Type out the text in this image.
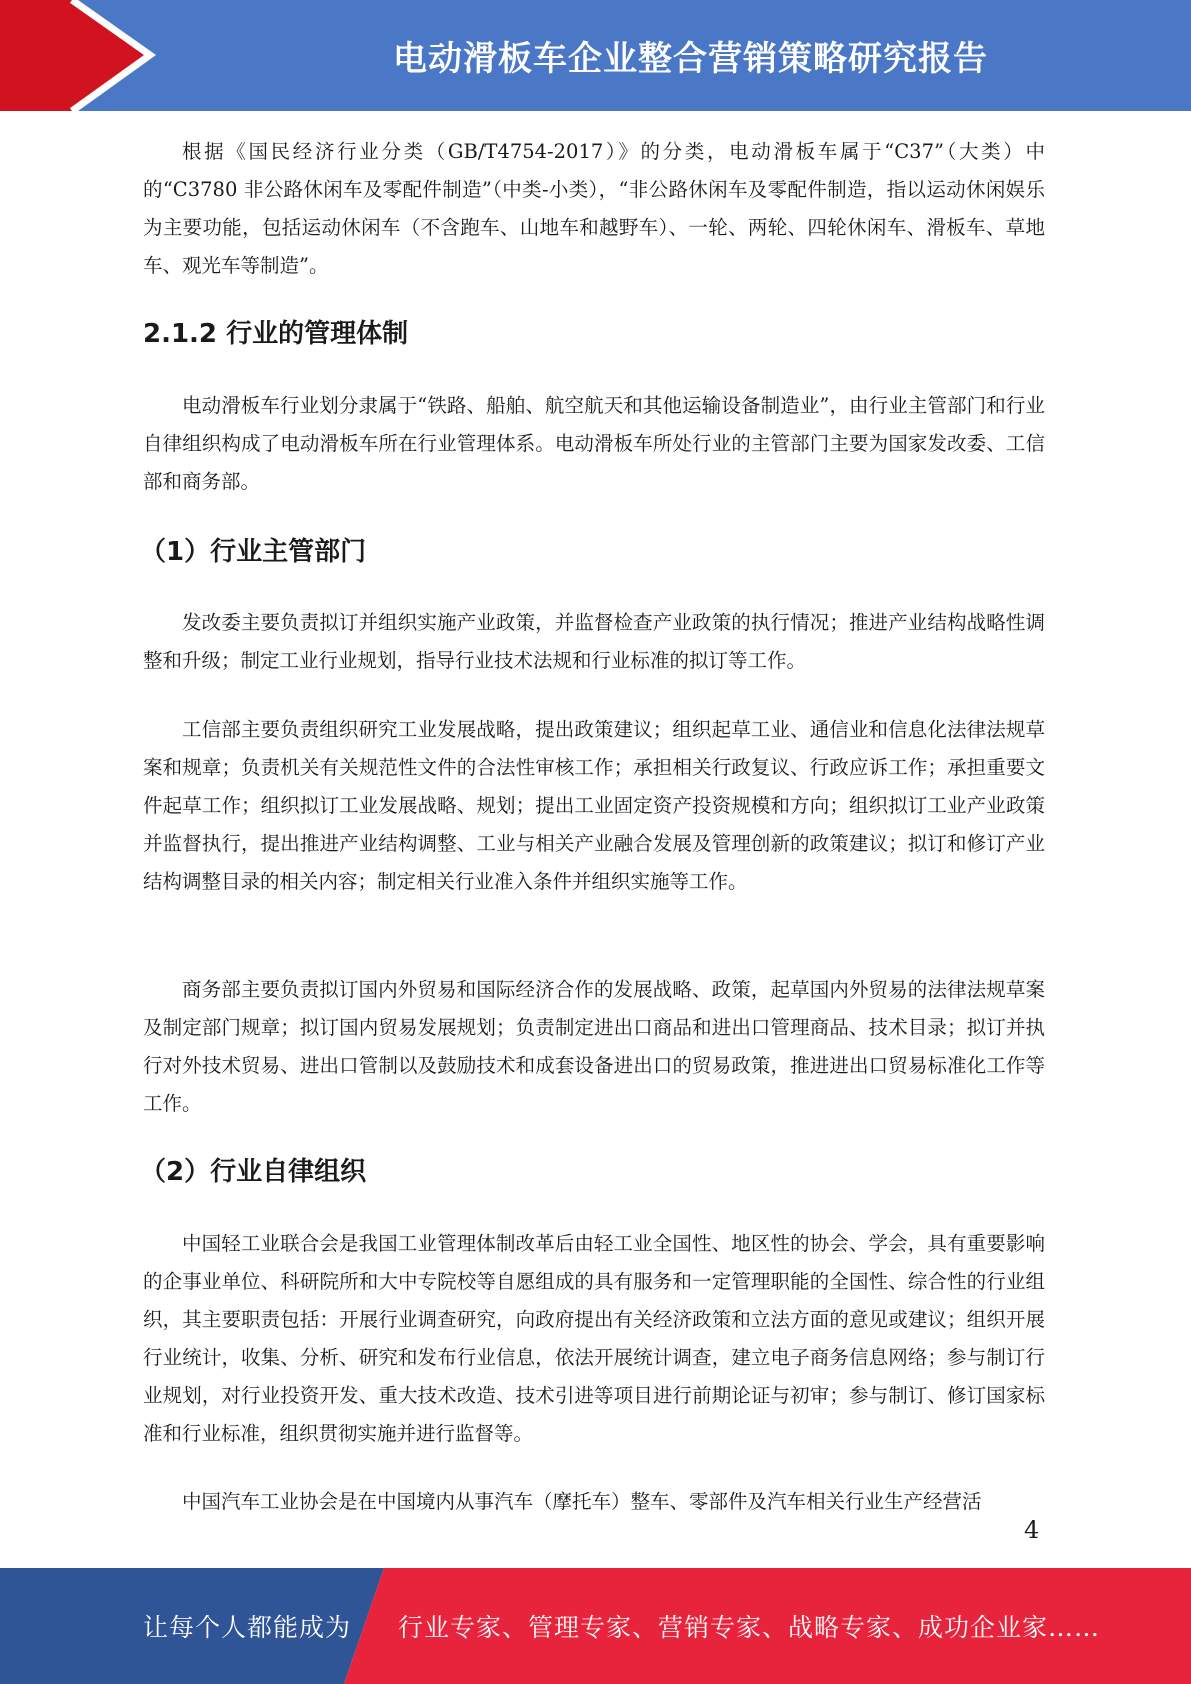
电动滑板车企业整合营销策略研究报告

根据《国民经济行业分类（GB/T4754-2017）》的分类，电动滑板车属于“C37”（大类）中的“C3780 非公路休闲车及零配件制造”（中类-小类），“非公路休闲车及零配件制造，指以运动休闲娱乐为主要功能，包括运动休闲车（不含跑车、山地车和越野车）、一轮、两轮、四轮休闲车、滑板车、草地车、观光车等制造”。

2.1.2 行业的管理体制

电动滑板车行业划分隶属于“铁路、船舶、航空航天和其他运输设备制造业”，由行业主管部门和行业自律组织构成了电动滑板车所在行业管理体系。电动滑板车所处行业的主管部门主要为国家发改委、工信部和商务部。

（1）行业主管部门

发改委主要负责拟订并组织实施产业政策，并监督检查产业政策的执行情况；推进产业结构战略性调整和升级；制定工业行业规划，指导行业技术法规和行业标准的拟订等工作。

工信部主要负责组织研究工业发展战略，提出政策建议；组织起草工业、通信业和信息化法律法规草案和规章；负责机关有关规范性文件的合法性审核工作；承担相关行政复议、行政应诉工作；承担重要文件起草工作；组织拟订工业发展战略、规划；提出工业固定资产投资规模和方向；组织拟订工业产业政策并监督执行，提出推进产业结构调整、工业与相关产业融合发展及管理创新的政策建议；拟订和修订产业结构调整目录的相关内容；制定相关行业准入条件并组织实施等工作。

商务部主要负责拟订国内外贸易和国际经济合作的发展战略、政策，起草国内外贸易的法律法规草案及制定部门规章；拟订国内贸易发展规划；负责制定进出口商品和进出口管理商品、技术目录；拟订并执行对外技术贸易、进出口管制以及鼓励技术和成套设备进出口的贸易政策，推进进出口贸易标准化工作等工作。

（2）行业自律组织

中国轻工业联合会是我国工业管理体制改革后由轻工业全国性、地区性的协会、学会，具有重要影响的企事业单位、科研院所和大中专院校等自愿组成的具有服务和一定管理职能的全国性、综合性的行业组织，其主要职责包括：开展行业调查研究，向政府提出有关经济政策和立法方面的意见或建议；组织开展行业统计，收集、分析、研究和发布行业信息，依法开展统计调查，建立电子商务信息网络；参与制订行业规划，对行业投资开发、重大技术改造、技术引进等项目进行前期论证与初审；参与制订、修订国家标准和行业标准，组织贯彻实施并进行监督等。

中国汽车工业协会是在中国境内从事汽车（摩托车）整车、零部件及汽车相关行业生产经营活

4
让每个人都能成为 行业专家、管理专家、营销专家、战略专家、成功企业家……
